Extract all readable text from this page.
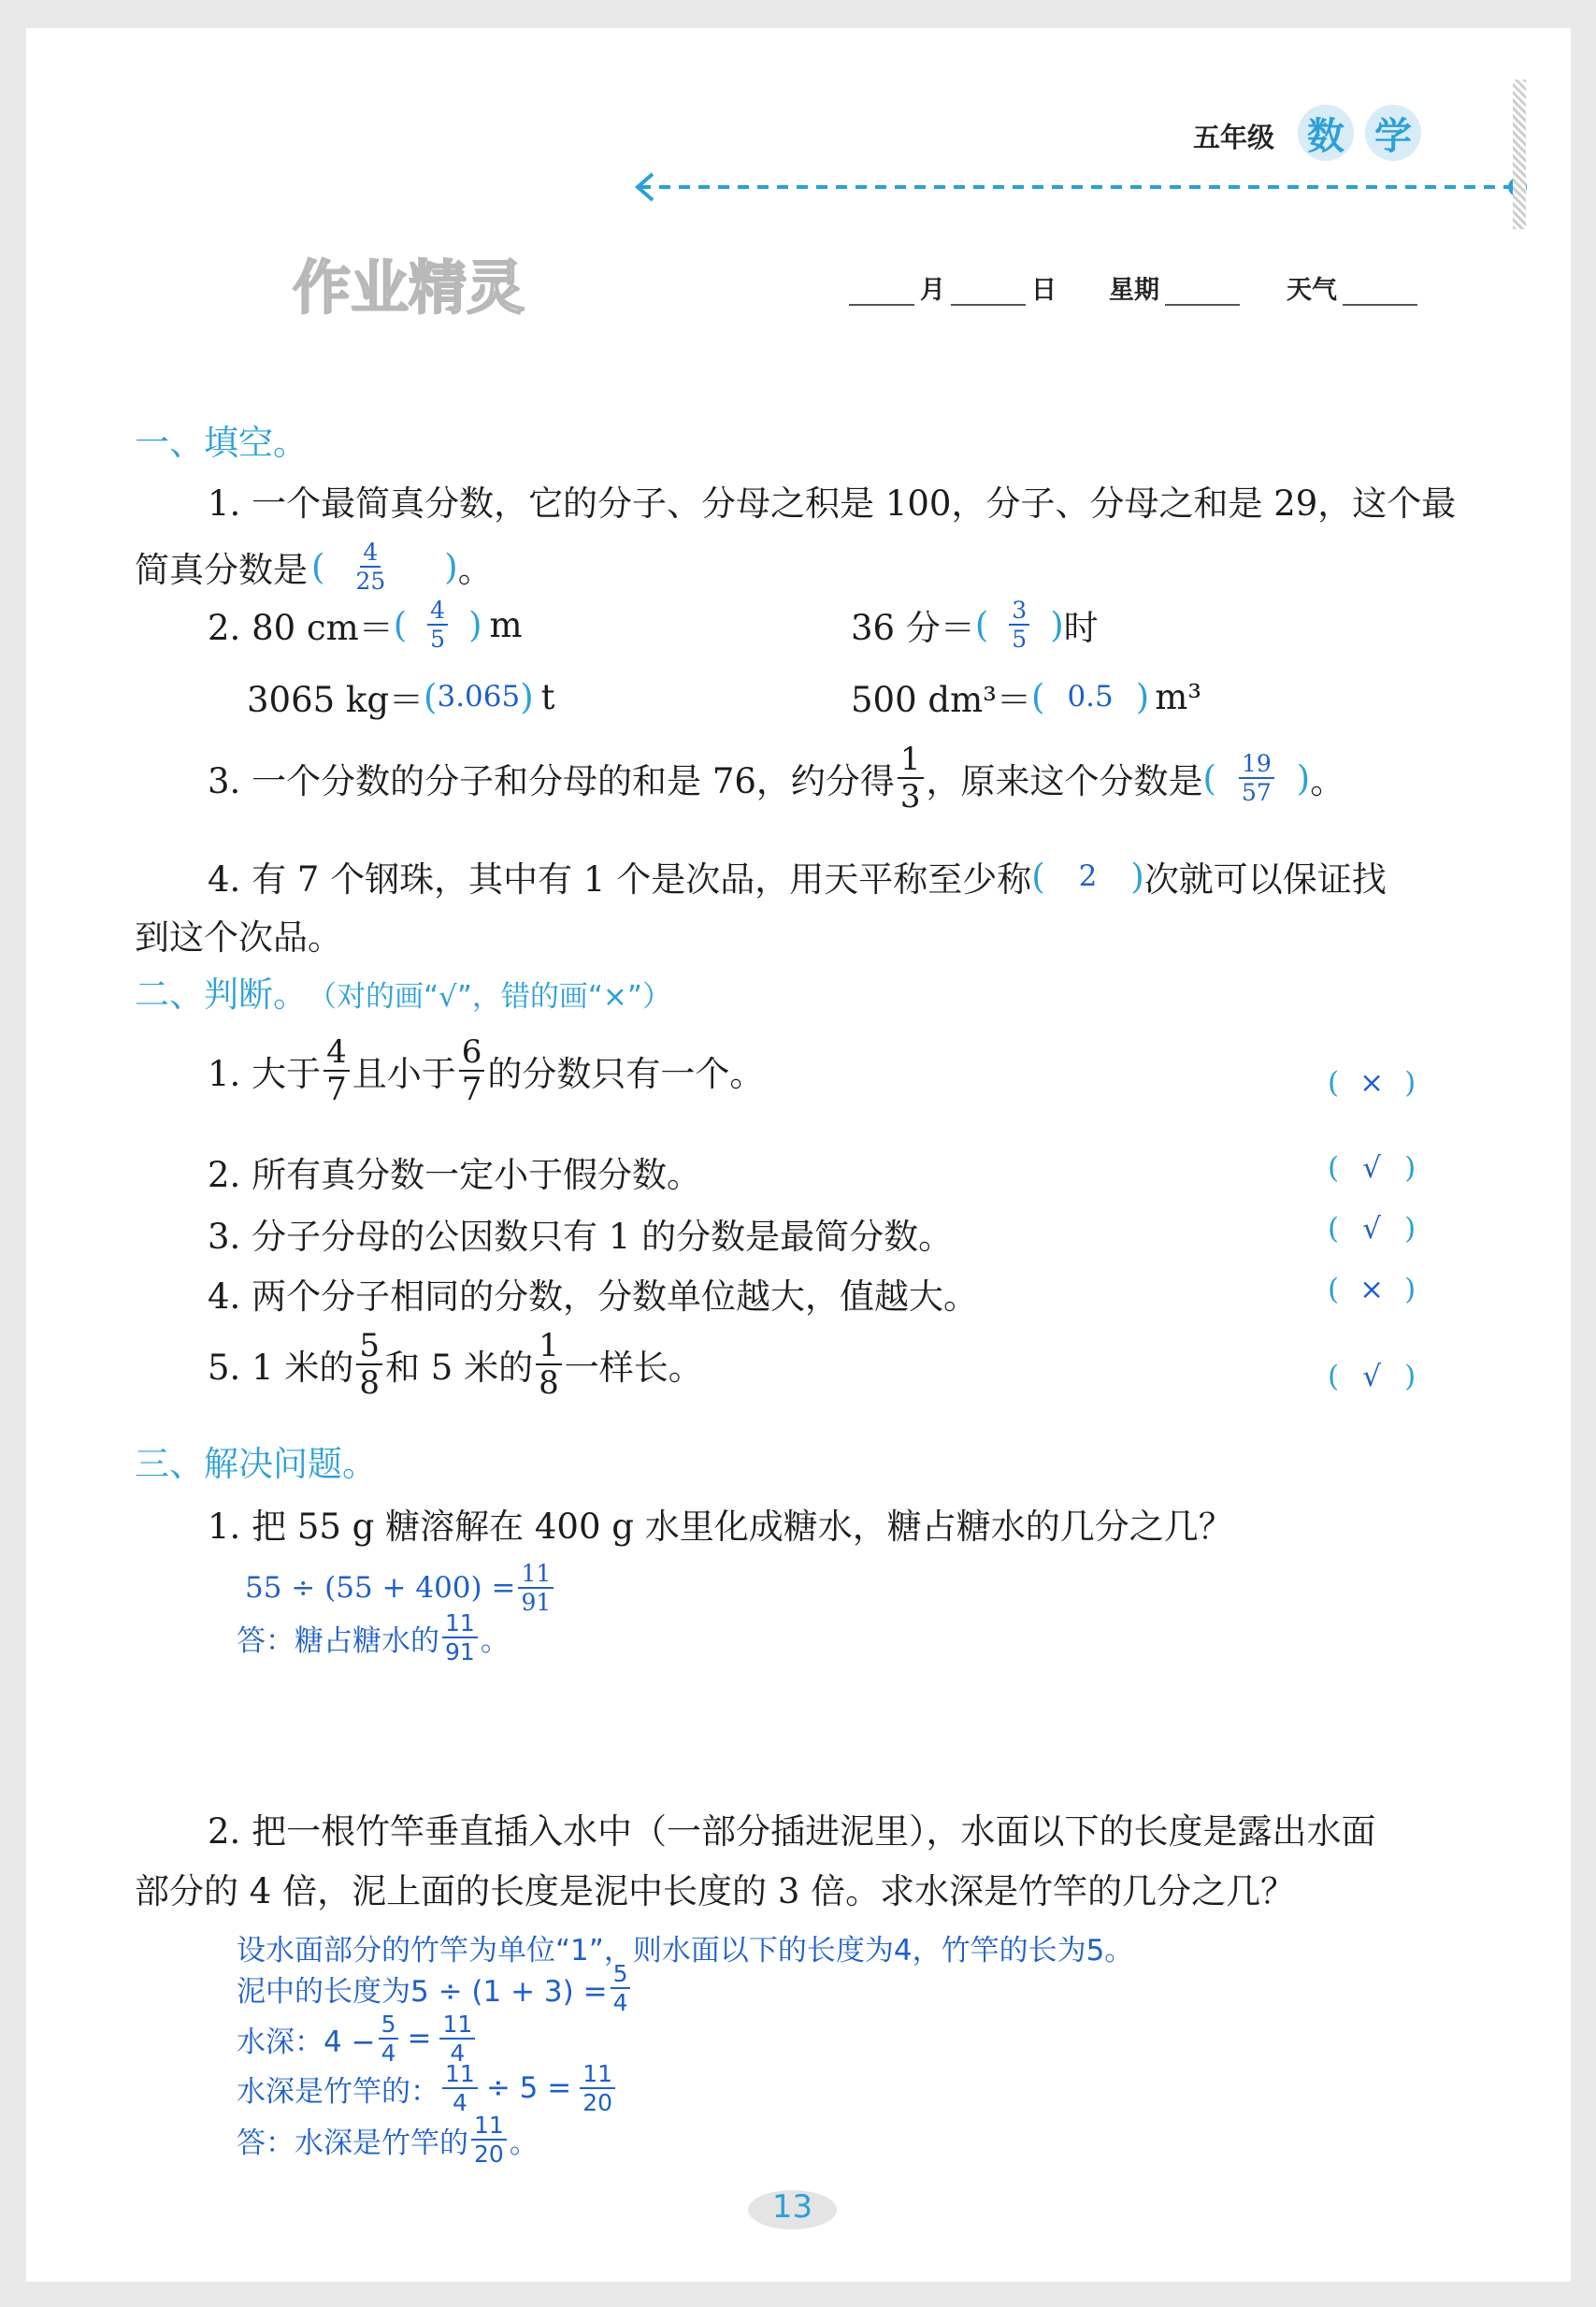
五年级 数 学
作业精灵	月	日 星期	天气
一、填空。
1. 一个最简真分数，它的分子、分母之积是 100，分子、分母之和是 29，这个最
简真分数是 ( $\frac{4}{25}$ ) 。
2. 80 cm＝ ( $\frac{4}{5}$ ) m	36 分＝ ( $\frac{3}{5}$ ) 时
3065 kg＝ ( 3.065 ) t	500 dm³＝ ( 0.5 ) m³
3. 一个分数的分子和分母的和是 76，约分得 $\frac{1}{3}$ ，原来这个分数是 ( $\frac{19}{57}$ ) 。
4. 有 7 个钢珠，其中有 1 个是次品，用天平称至少称 ( 2 ) 次就可以保证找
到这个次品。
二、判断。 （对的画“√”，错的画“×”）
1. 大于 $\frac{4}{7}$ 且小于 $\frac{6}{7}$ 的分数只有一个。	( × )
2. 所有真分数一定小于假分数。	( √ )
3. 分子分母的公因数只有 1 的分数是最简分数。	( √ )
4. 两个分子相同的分数，分数单位越大，值越大。	( × )
5. 1 米的 $\frac{5}{8}$ 和 5 米的 $\frac{1}{8}$ 一样长。	( √ )
三、解决问题。
1. 把 55 g 糖溶解在 400 g 水里化成糖水，糖占糖水的几分之几？
$55 \div (55 + 400) = \frac{11}{91}$
答：糖占糖水的 $\frac{11}{91}$ 。
2. 把一根竹竿垂直插入水中（一部分插进泥里），水面以下的长度是露出水面
部分的 4 倍，泥上面的长度是泥中长度的 3 倍。求水深是竹竿的几分之几？
设水面部分的竹竿为单位“1”，则水面以下的长度为4，竹竿的长为5。
泥中的长度为$5 \div (1 + 3) = \frac{5}{4}$
水深：$4 - \frac{5}{4} = \frac{11}{4}$
水深是竹竿的： $\frac{11}{4} \div 5 = \frac{11}{20}$
答：水深是竹竿的 $\frac{11}{20}$ 。
13
